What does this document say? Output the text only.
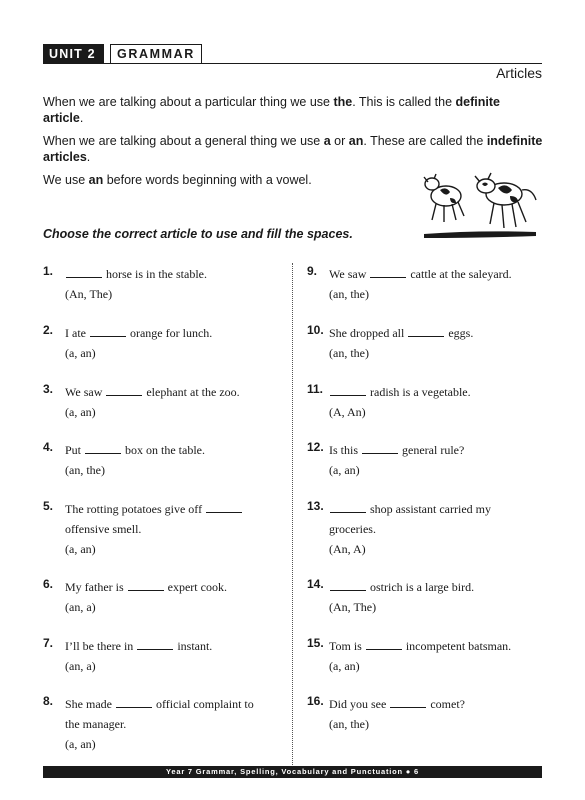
UNIT 2	GRAMMAR
Articles

When we are talking about a particular thing we use the. This is called the definite article.

When we are talking about a general thing we use a or an. These are called the indefinite articles.

We use an before words beginning with a vowel.

Choose the correct article to use and fill the spaces.
1.	horse is in the stable.
(An, The)
2. I ate	orange for lunch.
(a, an)
3. We saw	elephant at the zoo.
(a, an)
4. Put	box on the table.
(an, the)
5. The rotting potatoes give off
offensive smell.
(a, an)
6. My father is	expert cook.
(an, a)
7. I’ll be there in	instant.
(an, a)
8. She made	official complaint to
the manager.
(a, an)
9. We saw	cattle at the saleyard.
(an, the)
10. She dropped all	eggs.
(an, the)
11.	radish is a vegetable.
(A, An)
12. Is this	general rule?
(a, an)
13.	shop assistant carried my
groceries.
(An, A)
14.	ostrich is a large bird.
(An, The)
15. Tom is	incompetent batsman.
(a, an)
16. Did you see	comet?
(an, the)
Year 7 Grammar, Spelling, Vocabulary and Punctuation ● 6
